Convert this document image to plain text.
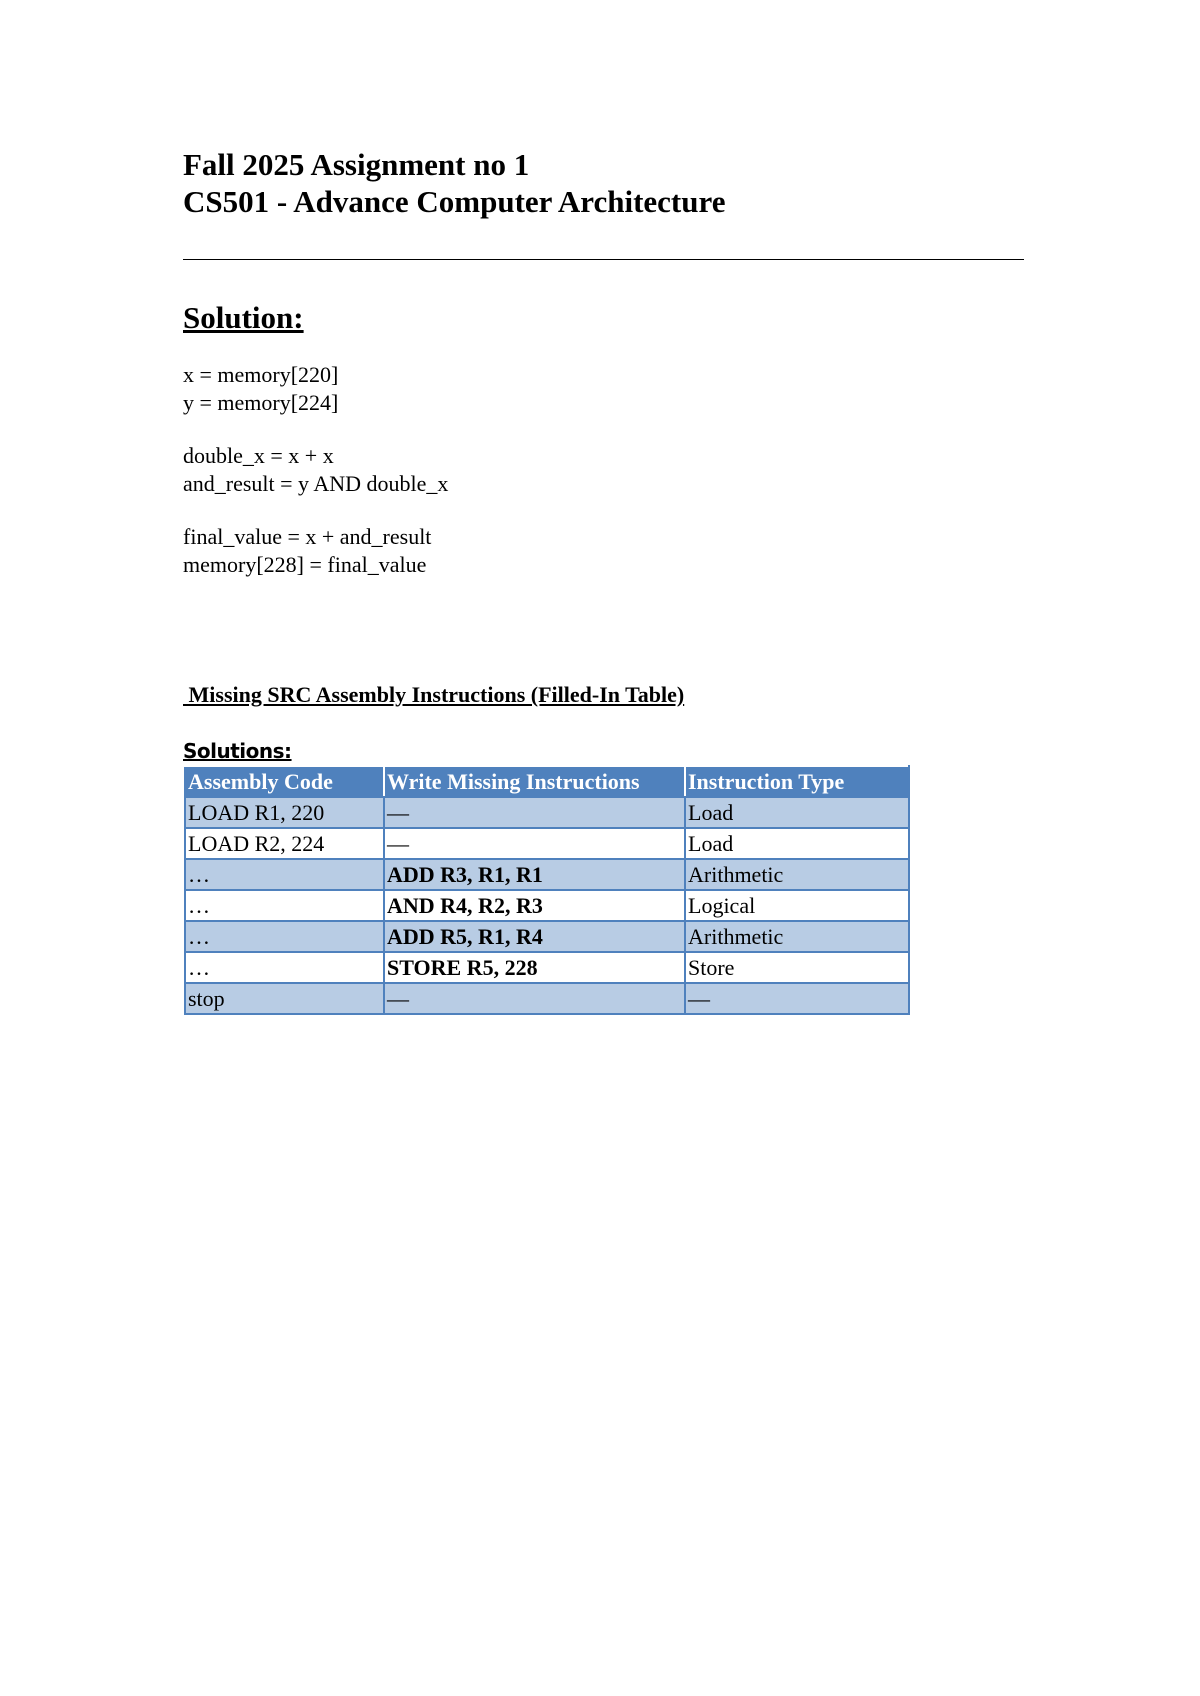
Fall 2025 Assignment no 1
CS501 - Advance Computer Architecture
Solution:
x = memory[220]
y = memory[224]
double_x = x + x
and_result = y AND double_x
final_value = x + and_result
memory[228] = final_value
Missing SRC Assembly Instructions (Filled-In Table)
Solutions:
Assembly Code	Write Missing Instructions	Instruction Type
LOAD R1, 220	—	Load
LOAD R2, 224	—	Load
…	ADD R3, R1, R1	Arithmetic
…	AND R4, R2, R3	Logical
…	ADD R5, R1, R4	Arithmetic
…	STORE R5, 228	Store
stop	—	—
